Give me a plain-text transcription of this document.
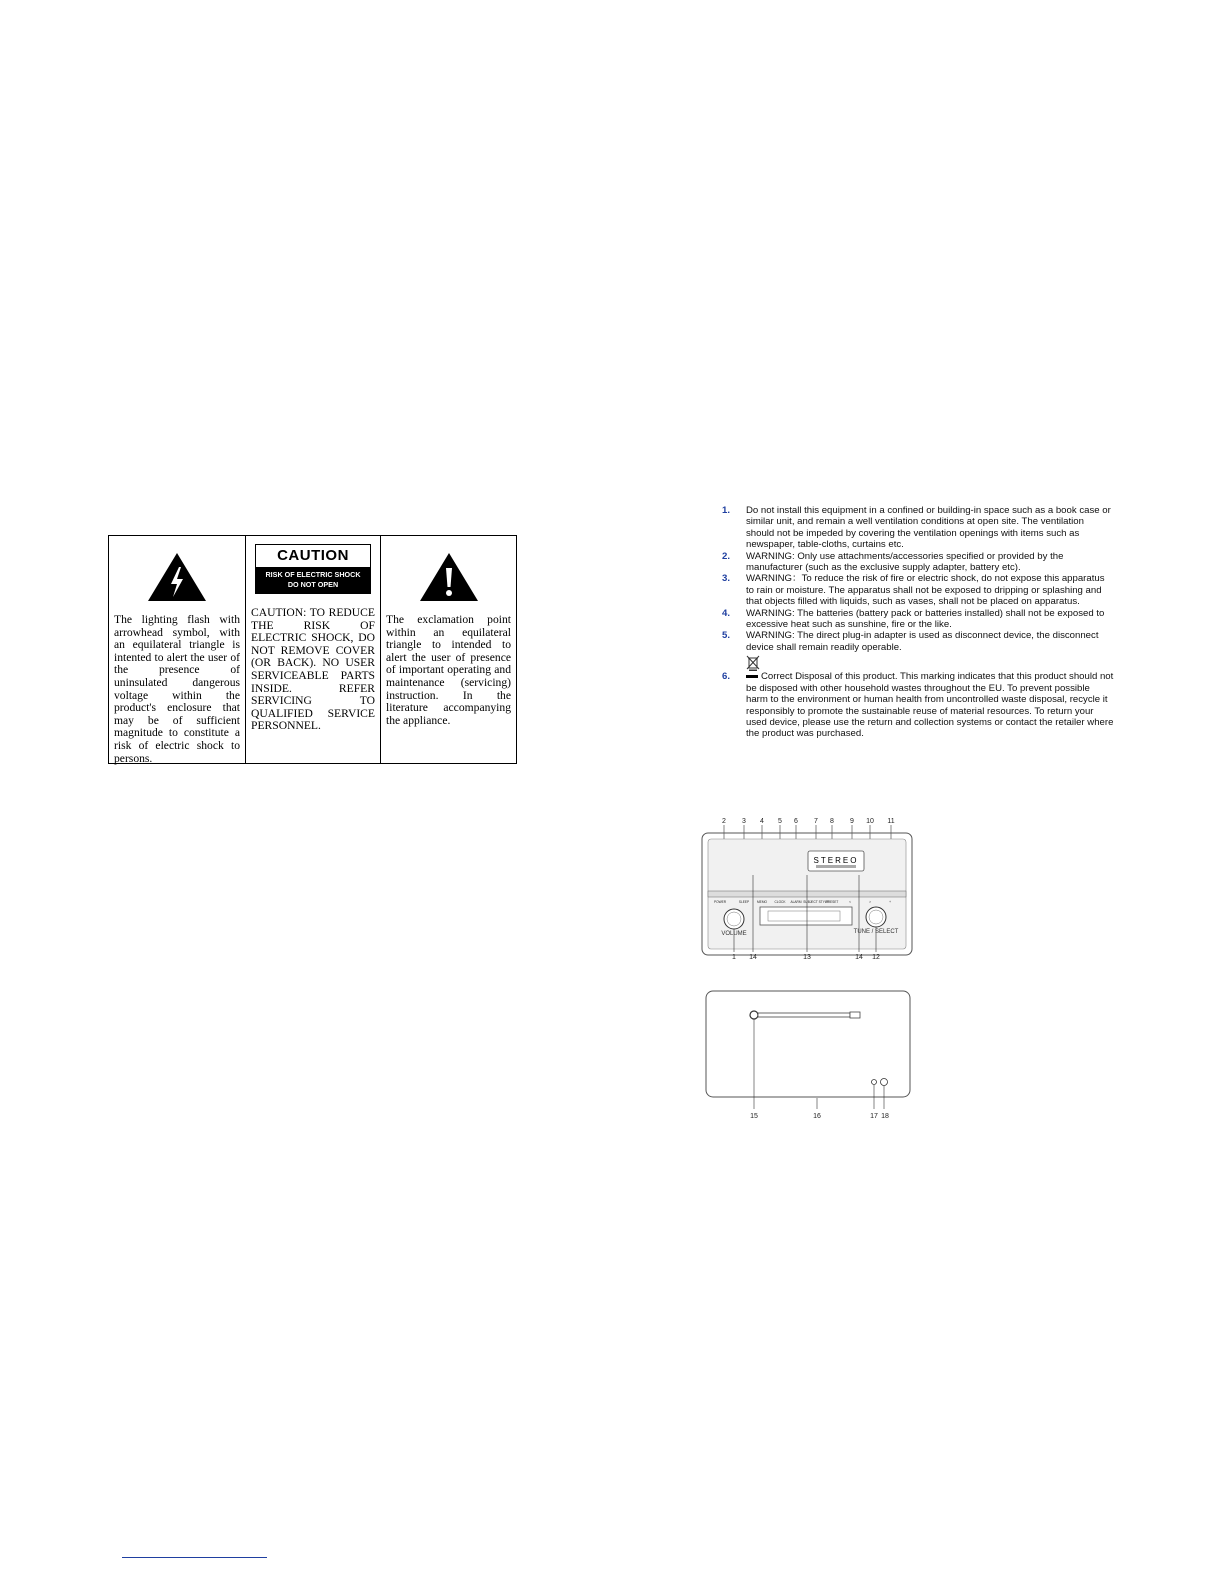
The lighting flash with arrowhead symbol, with an equilateral triangle is intented to alert the user of the presence of uninsulated dangerous voltage within the product's enclosure that may be of sufficient magnitude to constitute a risk of electric shock to persons.
CAUTION
RISK OF ELECTRIC SHOCK
DO NOT OPEN
CAUTION: TO REDUCE THE RISK OF ELECTRIC SHOCK, DO NOT REMOVE COVER (OR BACK). NO USER SERVICEABLE PARTS INSIDE. REFER SERVICING TO QUALIFIED SERVICE PERSONNEL.
The exclamation point within an equilateral triangle to intended to alert the user of presence of important operating and maintenance (servicing) instruction. In the literature accompanying the appliance.
1.	Do not install this equipment in a confined or building-in space such as a book case or similar unit, and remain a well ventilation conditions at open site. The ventilation should not be impeded by covering the ventilation openings with items such as newspaper, table-cloths, curtains etc.
2.	WARNING: Only use attachments/accessories specified or provided by the manufacturer (such as the exclusive supply adapter, battery etc).
3.	WARNING：To reduce the risk of fire or electric shock, do not expose this apparatus to rain or moisture. The apparatus shall not be exposed to dripping or splashing and that objects filled with liquids, such as vases, shall not be placed on apparatus.
4.	WARNING: The batteries (battery pack or batteries installed) shall not be exposed to excessive heat such as sunshine, fire or the like.
5.	WARNING: The direct plug-in adapter is used as disconnect device, the disconnect device shall remain readily operable.
6.	Correct Disposal of this product. This marking indicates that this product should not be disposed with other household wastes throughout the EU. To prevent possible harm to the environment or human health from uncontrolled waste disposal, recycle it responsibly to promote the sustainable reuse of material resources. To return your used device, please use the return and collection systems or contact the retailer where the product was purchased.
2 3 4 5 6 7 8 9 10 11
STEREO
POWER	SLEEP MEMO CLOCK ALARM SUBJECT STYLE
PRESET	<	>	+
VOLUME	TUNE / SELECT
1 14	13	14 12
15	16	17 18
